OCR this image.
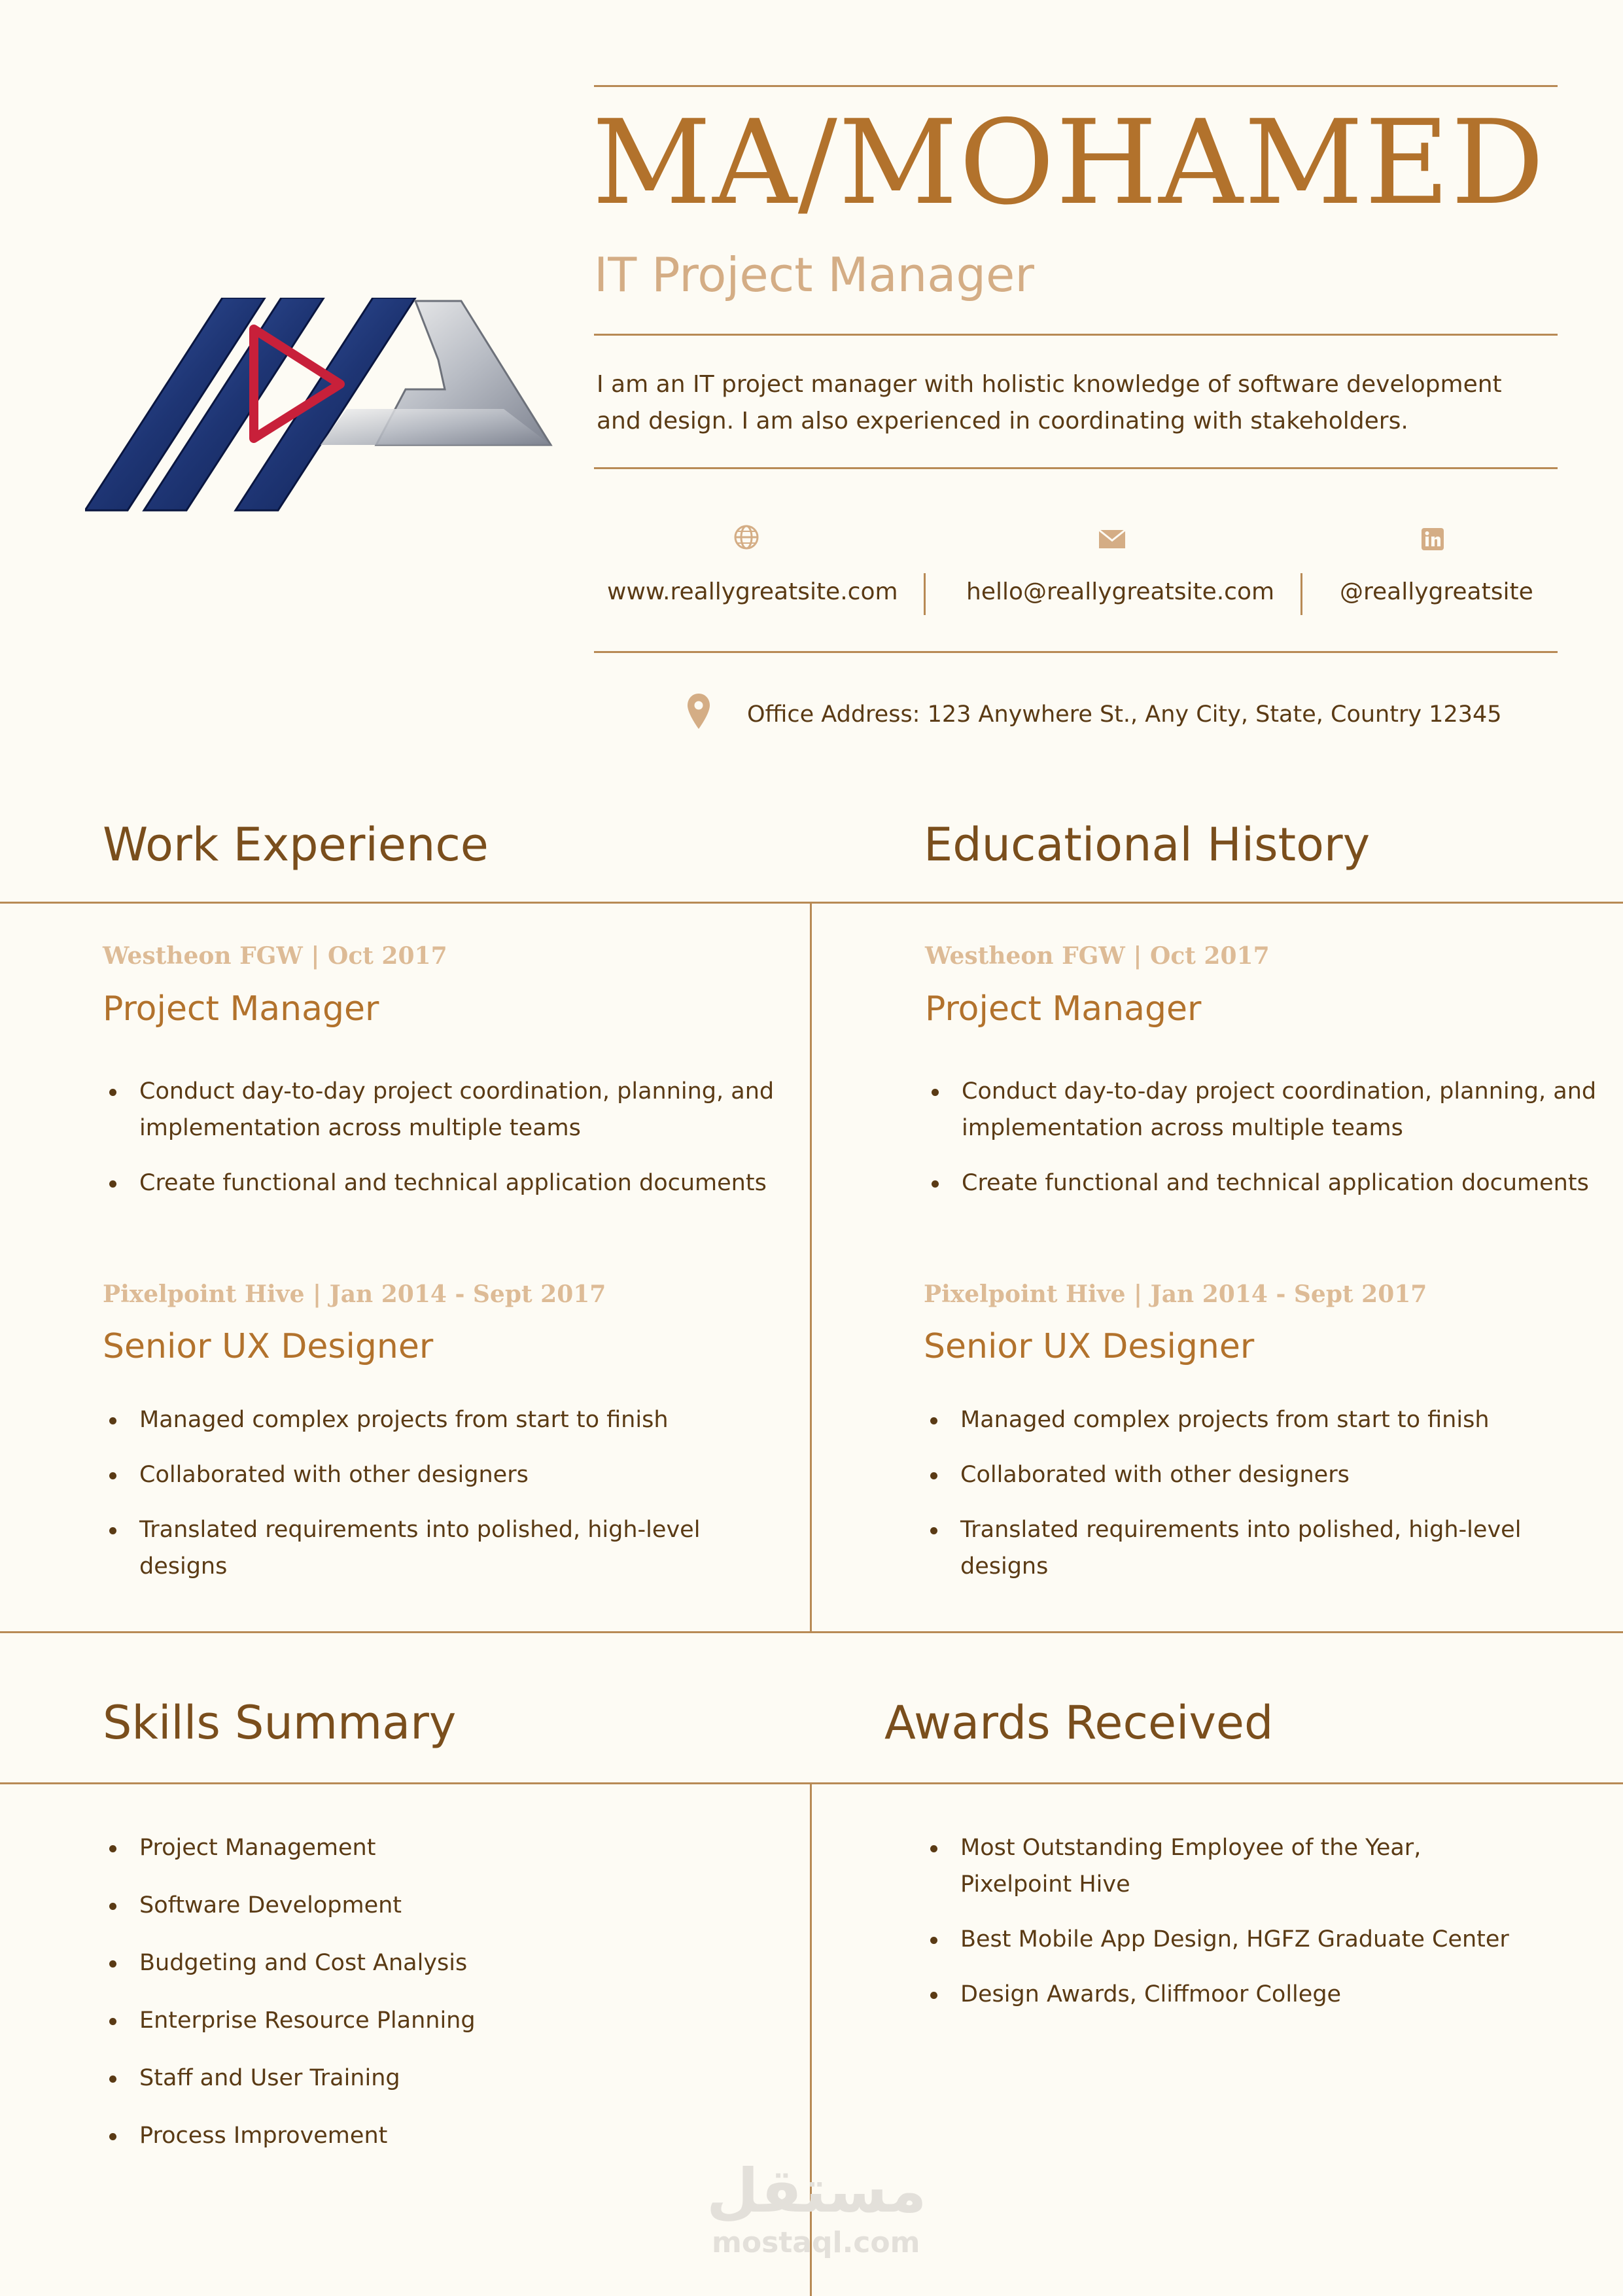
MA/MOHAMED
IT Project Manager
I am an IT project manager with holistic knowledge of software development and design. I am also experienced in coordinating with stakeholders.
www.reallygreatsite.com	hello@reallygreatsite.com	@reallygreatsite
Office Address: 123 Anywhere St., Any City, State, Country 12345
Work Experience	Educational History
Westheon FGW | Oct 2017
Project Manager
Conduct day-to-day project coordination, planning, and implementation across multiple teams
Create functional and technical application documents
Pixelpoint Hive | Jan 2014 - Sept 2017
Senior UX Designer
Managed complex projects from start to finish
Collaborated with other designers
Translated requirements into polished, high-level designs
Westheon FGW | Oct 2017
Project Manager
Conduct day-to-day project coordination, planning, and implementation across multiple teams
Create functional and technical application documents
Pixelpoint Hive | Jan 2014 - Sept 2017
Senior UX Designer
Managed complex projects from start to finish
Collaborated with other designers
Translated requirements into polished, high-level designs
Skills Summary	Awards Received
Project Management
Software Development
Budgeting and Cost Analysis
Enterprise Resource Planning
Staff and User Training
Process Improvement
Most Outstanding Employee of the Year, Pixelpoint Hive
Best Mobile App Design, HGFZ Graduate Center
Design Awards, Cliffmoor College
مستقل
mostaql.com
